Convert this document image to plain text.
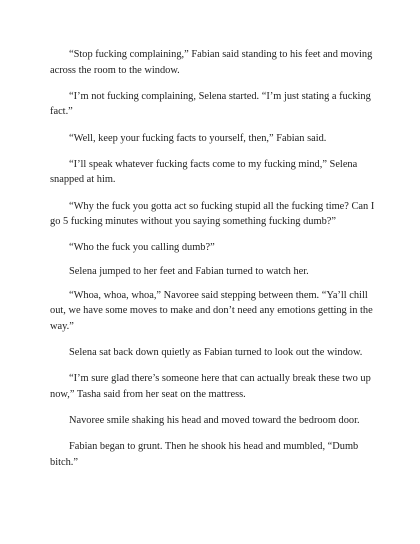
“Stop fucking complaining,” Fabian said standing to his feet and moving across the room to the window.

“I’m not fucking complaining, Selena started. “I’m just stating a fucking fact.”

“Well, keep your fucking facts to yourself, then,” Fabian said.

“I’ll speak whatever fucking facts come to my fucking mind,” Selena snapped at him.

“Why the fuck you gotta act so fucking stupid all the fucking time? Can I go 5 fucking minutes without you saying something fucking dumb?”

“Who the fuck you calling dumb?”

Selena jumped to her feet and Fabian turned to watch her.

“Whoa, whoa, whoa,” Navoree said stepping between them. “Ya’ll chill out, we have some moves to make and don’t need any emotions getting in the way.”

Selena sat back down quietly as Fabian turned to look out the window.

“I’m sure glad there’s someone here that can actually break these two up now,” Tasha said from her seat on the mattress.

Navoree smile shaking his head and moved toward the bedroom door.

Fabian began to grunt. Then he shook his head and mumbled, “Dumb bitch.”
